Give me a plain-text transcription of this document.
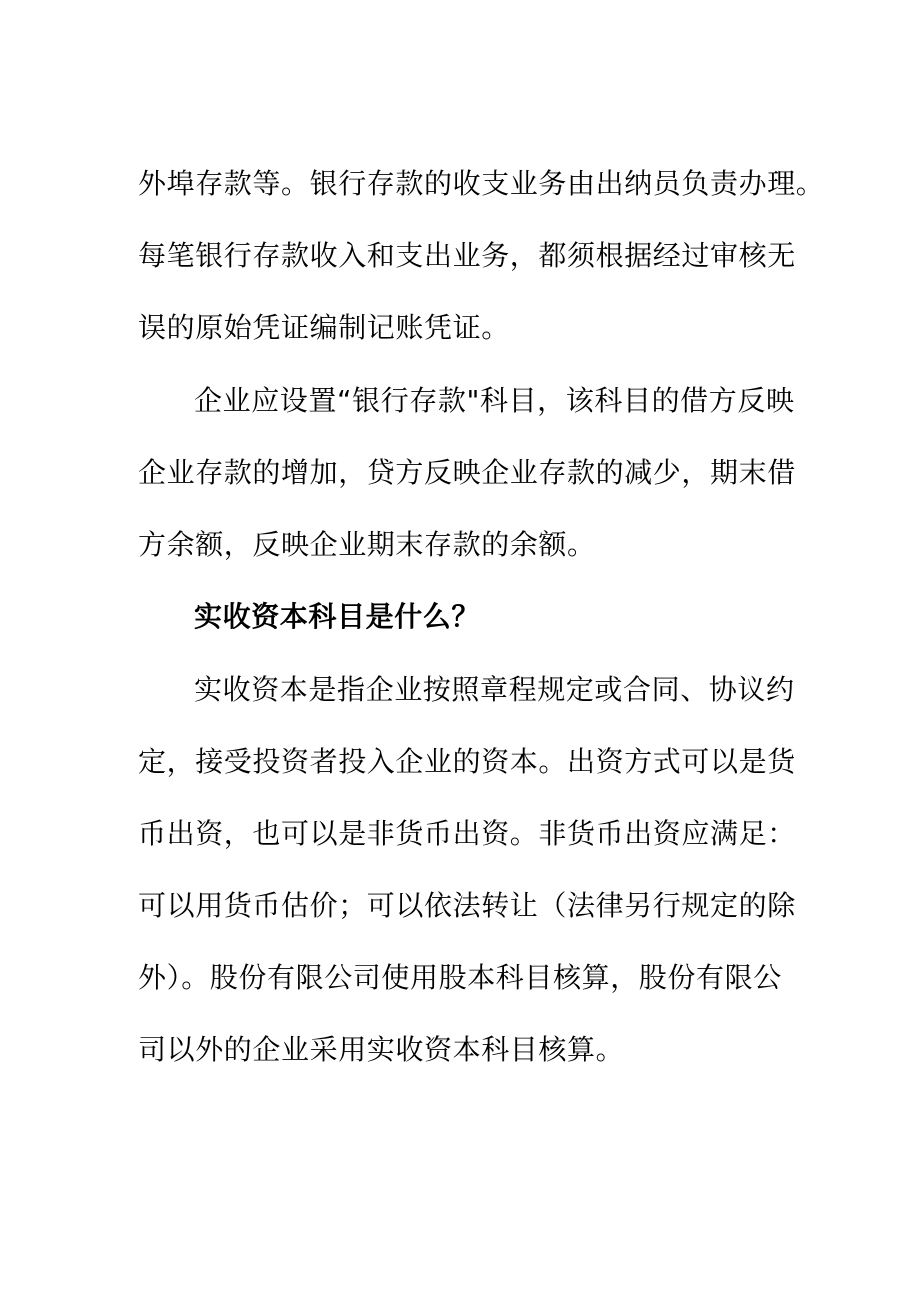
外埠存款等。银行存款的收支业务由出纳员负责办理。
每笔银行存款收入和支出业务，都须根据经过审核无
误的原始凭证编制记账凭证。
企业应设置“银行存款"科目，该科目的借方反映
企业存款的增加，贷方反映企业存款的减少，期末借
方余额，反映企业期末存款的余额。
实收资本科目是什么？
实收资本是指企业按照章程规定或合同、协议约
定，接受投资者投入企业的资本。出资方式可以是货
币出资，也可以是非货币出资。非货币出资应满足：
可以用货币估价；可以依法转让（法律另行规定的除
外）。股份有限公司使用股本科目核算，股份有限公
司以外的企业采用实收资本科目核算。
